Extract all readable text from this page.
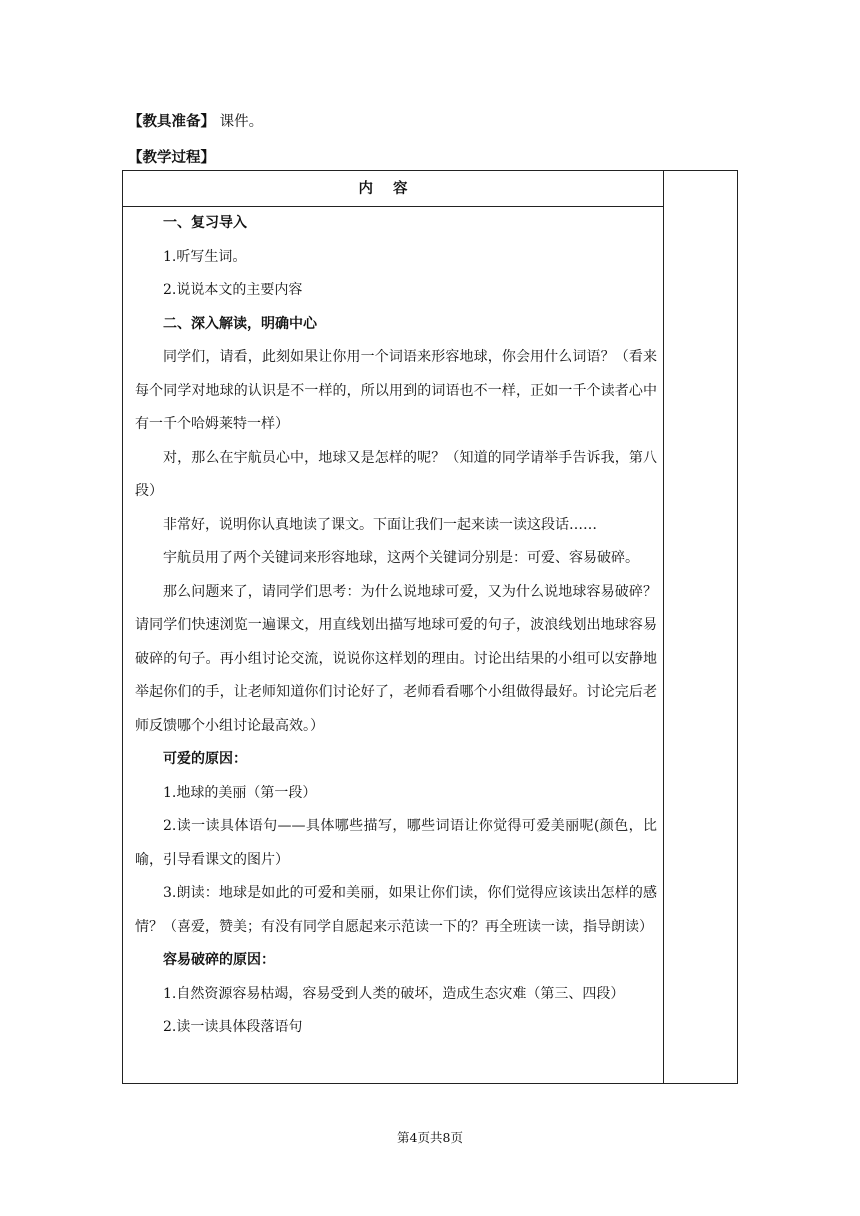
【教具准备】 课件。
【教学过程】
内容

一、复习导入

1.听写生词。

2.说说本文的主要内容

二、深入解读，明确中心

同学们，请看，此刻如果让你用一个词语来形容地球，你会用什么词语？（看来每个同学对地球的认识是不一样的，所以用到的词语也不一样，正如一千个读者心中有一千个哈姆莱特一样）

对，那么在宇航员心中，地球又是怎样的呢？（知道的同学请举手告诉我，第八段）

非常好，说明你认真地读了课文。下面让我们一起来读一读这段话……

宇航员用了两个关键词来形容地球，这两个关键词分别是：可爱、容易破碎。

那么问题来了，请同学们思考：为什么说地球可爱，又为什么说地球容易破碎？请同学们快速浏览一遍课文，用直线划出描写地球可爱的句子，波浪线划出地球容易破碎的句子。再小组讨论交流，说说你这样划的理由。讨论出结果的小组可以安静地举起你们的手，让老师知道你们讨论好了，老师看看哪个小组做得最好。讨论完后老师反馈哪个小组讨论最高效。）

可爱的原因：

1.地球的美丽（第一段）

2.读一读具体语句——具体哪些描写，哪些词语让你觉得可爱美丽呢(颜色，比喻，引导看课文的图片）

3.朗读：地球是如此的可爱和美丽，如果让你们读，你们觉得应该读出怎样的感情？（喜爱，赞美；有没有同学自愿起来示范读一下的？再全班读一读，指导朗读）

容易破碎的原因：

1.自然资源容易枯竭，容易受到人类的破坏，造成生态灾难（第三、四段）

2.读一读具体段落语句

第4页共8页
